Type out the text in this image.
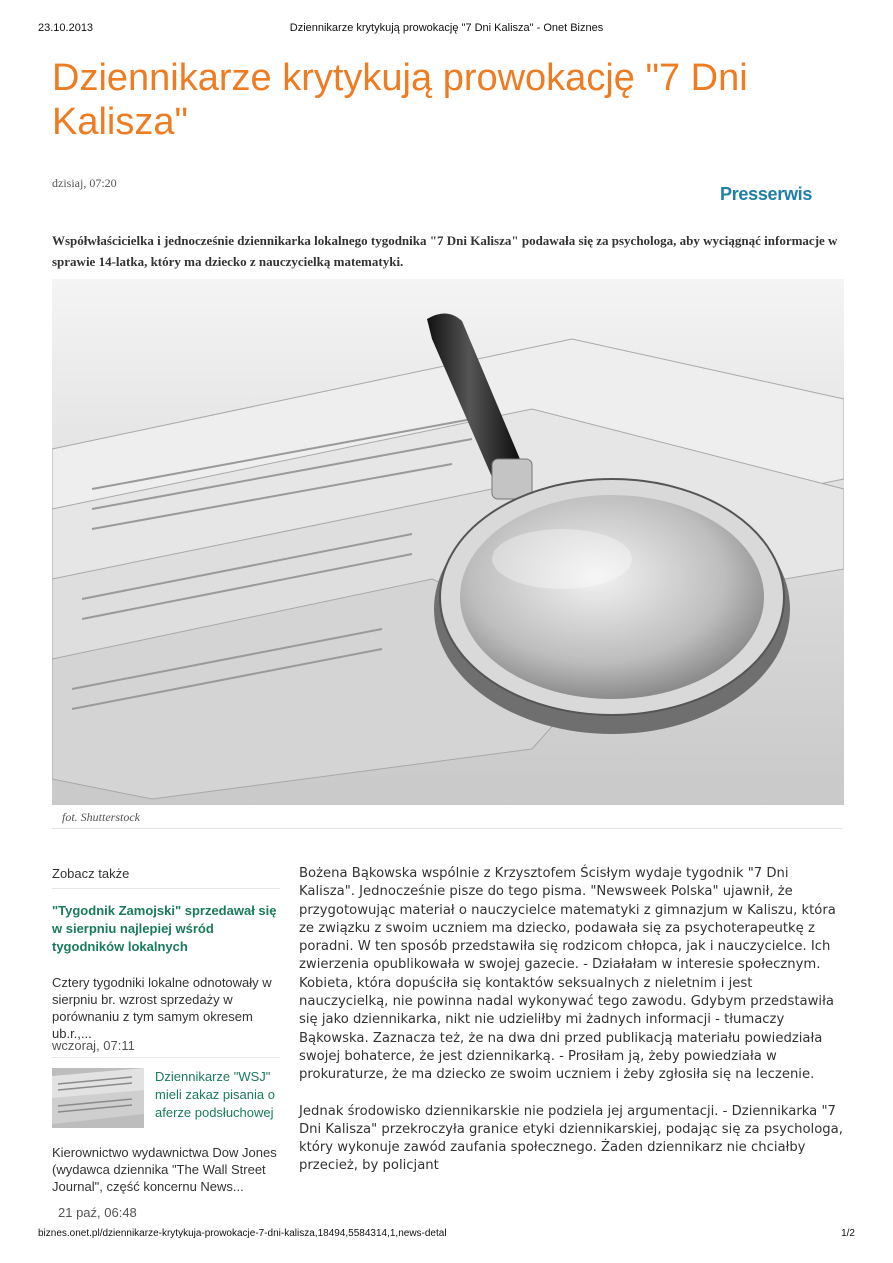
23.10.2013	Dziennikarze krytykują prowokację "7 Dni Kalisza" - Onet Biznes
Dziennikarze krytykują prowokację "7 Dni Kalisza"
dzisiaj, 07:20
Presserwis
Współwłaścicielka i jednocześnie dziennikarka lokalnego tygodnika "7 Dni Kalisza" podawała się za psychologa, aby wyciągnąć informacje w sprawie 14-latka, który ma dziecko z nauczycielką matematyki.
fot. Shutterstock
Zobacz także
"Tygodnik Zamojski" sprzedawał się w sierpniu najlepiej wśród tygodników lokalnych
Cztery tygodniki lokalne odnotowały w sierpniu br. wzrost sprzedaży w porównaniu z tym samym okresem ub.r.,...
wczoraj, 07:11
Dziennikarze "WSJ" mieli zakaz pisania o aferze podsłuchowej
Kierownictwo wydawnictwa Dow Jones (wydawca dziennika "The Wall Street Journal", część koncernu News...
21 paź, 06:48

Bożena Bąkowska wspólnie z Krzysztofem Ścisłym wydaje tygodnik "7 Dni Kalisza". Jednocześnie pisze do tego pisma. "Newsweek Polska" ujawnił, że przygotowując materiał o nauczycielce matematyki z gimnazjum w Kaliszu, która ze związku z swoim uczniem ma dziecko, podawała się za psychoterapeutkę z poradni. W ten sposób przedstawiła się rodzicom chłopca, jak i nauczycielce. Ich zwierzenia opublikowała w swojej gazecie. - Działałam w interesie społecznym. Kobieta, która dopuściła się kontaktów seksualnych z nieletnim i jest nauczycielką, nie powinna nadal wykonywać tego zawodu. Gdybym przedstawiła się jako dziennikarka, nikt nie udzieliłby mi żadnych informacji - tłumaczy Bąkowska. Zaznacza też, że na dwa dni przed publikacją materiału powiedziała swojej bohaterce, że jest dziennikarką. - Prosiłam ją, żeby powiedziała w prokuraturze, że ma dziecko ze swoim uczniem i żeby zgłosiła się na leczenie.

Jednak środowisko dziennikarskie nie podziela jej argumentacji. - Dziennikarka "7 Dni Kalisza" przekroczyła granice etyki dziennikarskiej, podając się za psychologa, który wykonuje zawód zaufania społecznego. Żaden dziennikarz nie chciałby przecież, by policjant

biznes.onet.pl/dziennikarze-krytykuja-prowokacje-7-dni-kalisza,18494,5584314,1,news-detal	1/2
